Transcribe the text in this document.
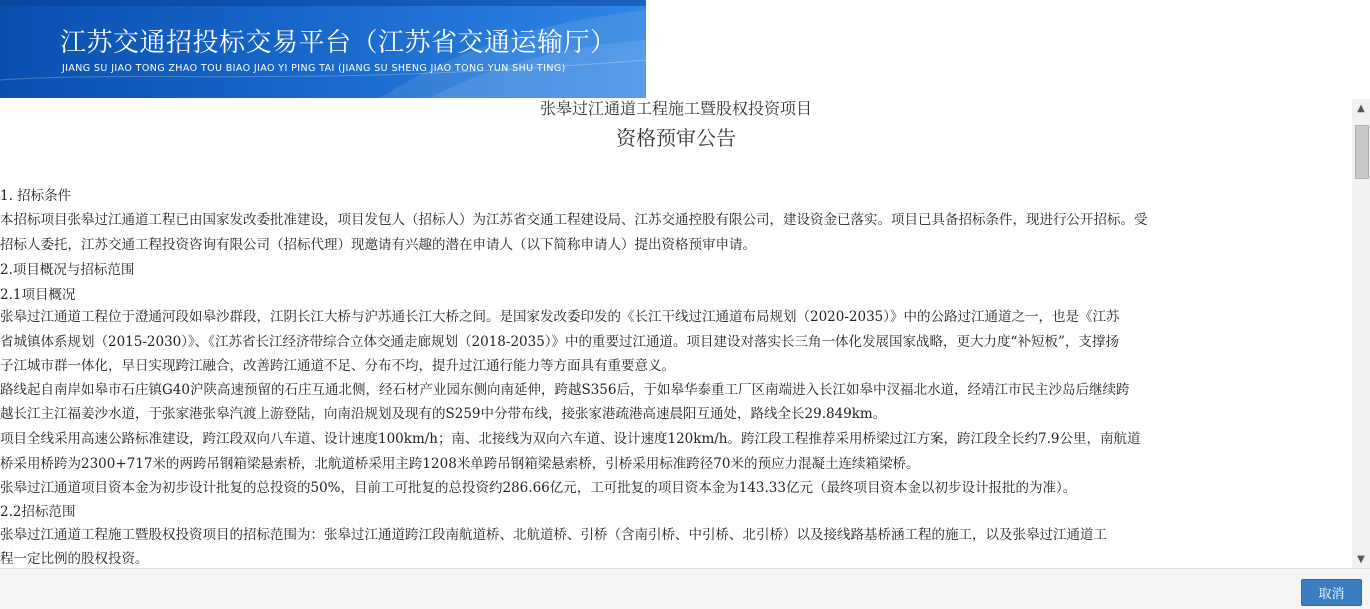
江苏交通招投标交易平台（江苏省交通运输厅）
JIANG SU JIAO TONG ZHAO TOU BIAO JIAO YI PING TAI (JIANG SU SHENG JIAO TONG YUN SHU TING)
张皋过江通道工程施工暨股权投资项目
资格预审公告
1. 招标条件
本招标项目张皋过江通道工程已由国家发改委批准建设，项目发包人（招标人）为江苏省交通工程建设局、江苏交通控股有限公司，建设资金已落实。项目已具备招标条件，现进行公开招标。受
招标人委托，江苏交通工程投资咨询有限公司（招标代理）现邀请有兴趣的潜在申请人（以下简称申请人）提出资格预审申请。
2.项目概况与招标范围
2.1项目概况
张皋过江通道工程位于澄通河段如皋沙群段，江阴长江大桥与沪苏通长江大桥之间。是国家发改委印发的《长江干线过江通道布局规划（2020-2035）》中的公路过江通道之一，也是《江苏
省城镇体系规划（2015-2030）》、《江苏省长江经济带综合立体交通走廊规划（2018-2035）》中的重要过江通道。项目建设对落实长三角一体化发展国家战略，更大力度“补短板”，支撑扬
子江城市群一体化，早日实现跨江融合，改善跨江通道不足、分布不均，提升过江通行能力等方面具有重要意义。
路线起自南岸如皋市石庄镇G40沪陕高速预留的石庄互通北侧，经石材产业园东侧向南延伸，跨越S356后，于如皋华泰重工厂区南端进入长江如皋中汊福北水道，经靖江市民主沙岛后继续跨
越长江主江福姜沙水道，于张家港张皋汽渡上游登陆，向南沿规划及现有的S259中分带布线，接张家港疏港高速晨阳互通处，路线全长29.849km。
项目全线采用高速公路标准建设，跨江段双向八车道、设计速度100km/h；南、北接线为双向六车道、设计速度120km/h。跨江段工程推荐采用桥梁过江方案，跨江段全长约7.9公里，南航道
桥采用桥跨为2300+717米的两跨吊钢箱梁悬索桥，北航道桥采用主跨1208米单跨吊钢箱梁悬索桥，引桥采用标准跨径70米的预应力混凝土连续箱梁桥。
张皋过江通道项目资本金为初步设计批复的总投资的50%，目前工可批复的总投资约286.66亿元，工可批复的项目资本金为143.33亿元（最终项目资本金以初步设计报批的为准）。
2.2招标范围
张皋过江通道工程施工暨股权投资项目的招标范围为：张皋过江通道跨江段南航道桥、北航道桥、引桥（含南引桥、中引桥、北引桥）以及接线路基桥涵工程的施工，以及张皋过江通道工
程一定比例的股权投资。
▲
▼
取消
